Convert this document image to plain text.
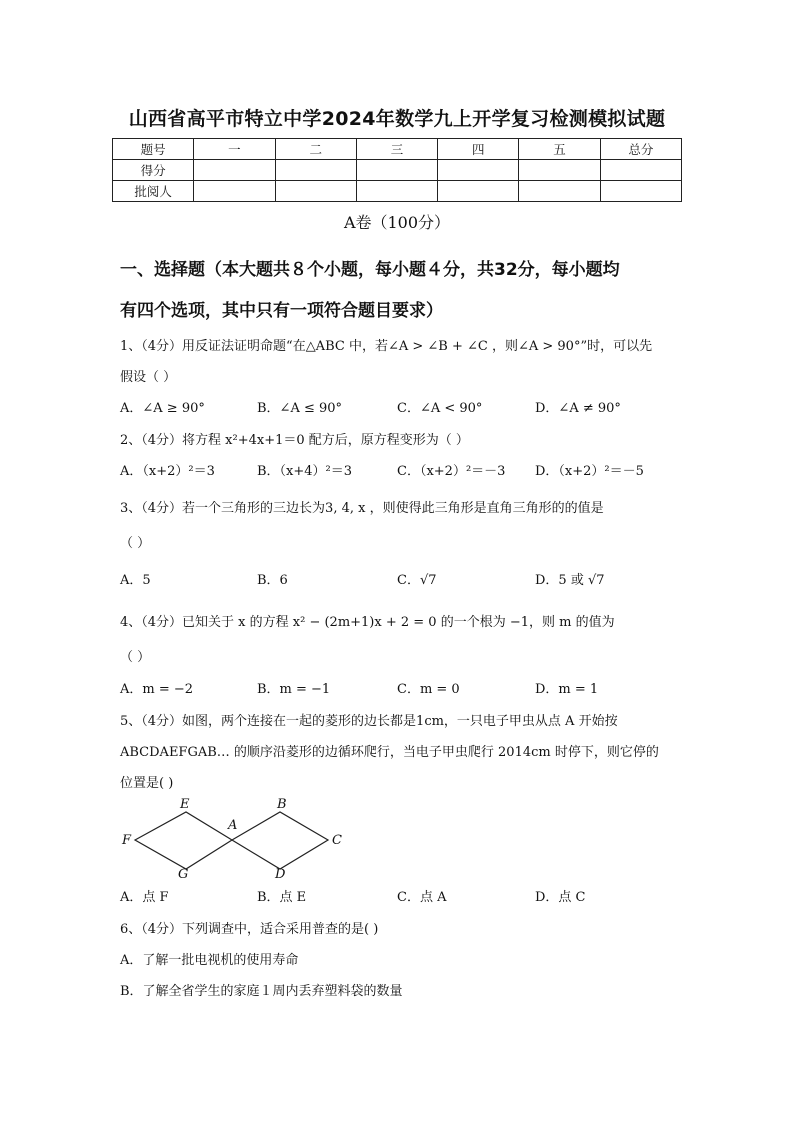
山西省高平市特立中学2024年数学九上开学复习检测模拟试题
题号	一	二	三	四	五	总分
得分						
批阅人						
A卷（100分）
一、选择题（本大题共８个小题，每小题４分，共32分，每小题均
有四个选项，其中只有一项符合题目要求）
1、（4分）用反证法证明命题“在△ABC 中，若∠A > ∠B + ∠C ，则∠A > 90°”时，可以先
假设（ ）
A．∠A ≥ 90°	B．∠A ≤ 90°	C．∠A < 90°	D．∠A ≠ 90°
2、（4分）将方程 x²+4x+1＝0 配方后，原方程变形为（ ）
A．（x+2）²＝3	B．（x+4）²＝3	C．（x+2）²＝－3 D．（x+2）²＝－5
3、（4分）若一个三角形的三边长为3, 4, x ，则使得此三角形是直角三角形的的值是
（ ）
A．5	B．6	C．√7	D．5 或 √7
4、（4分）已知关于 x 的方程 x² − (2m+1)x + 2 = 0 的一个根为 −1，则 m 的值为
（ ）
A．m = −2	B．m = −1	C．m = 0	D．m = 1
5、（4分）如图，两个连接在一起的菱形的边长都是1cm，一只电子甲虫从点 A 开始按
ABCDAEFGAB… 的顺序沿菱形的边循环爬行，当电子甲虫爬行 2014cm 时停下，则它停的
位置是( )
E	B
F
A
C
G	D
A．点 F	B．点 E	C．点 A	D．点 C
6、（4分）下列调查中，适合采用普查的是( )
A．了解一批电视机的使用寿命
B．了解全省学生的家庭１周内丢弃塑料袋的数量
